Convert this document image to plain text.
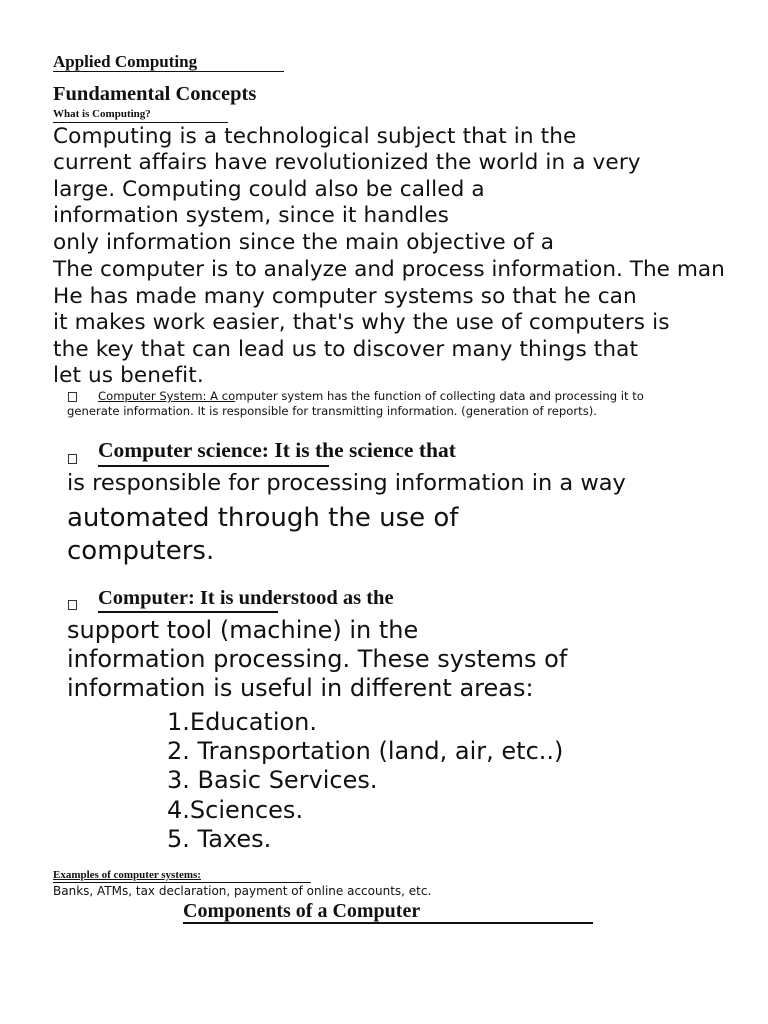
Applied Computing
Fundamental Concepts
What is Computing?
Computing is a technological subject that in the
current affairs have revolutionized the world in a very
large. Computing could also be called a
information system, since it handles
only information since the main objective of a
The computer is to analyze and process information. The man
He has made many computer systems so that he can
it makes work easier, that's why the use of computers is
the key that can lead us to discover many things that
let us benefit.
Computer System: A computer system has the function of collecting data and processing it to
generate information. It is responsible for transmitting information. (generation of reports).
Computer science: It is the science that
is responsible for processing information in a way
automated through the use of
computers.
Computer: It is understood as the
support tool (machine) in the
information processing. These systems of
information is useful in different areas:
1.Education.
2. Transportation (land, air, etc..)
3. Basic Services.
4.Sciences.
5. Taxes.
Examples of computer systems:
Banks, ATMs, tax declaration, payment of online accounts, etc.
Components of a Computer
